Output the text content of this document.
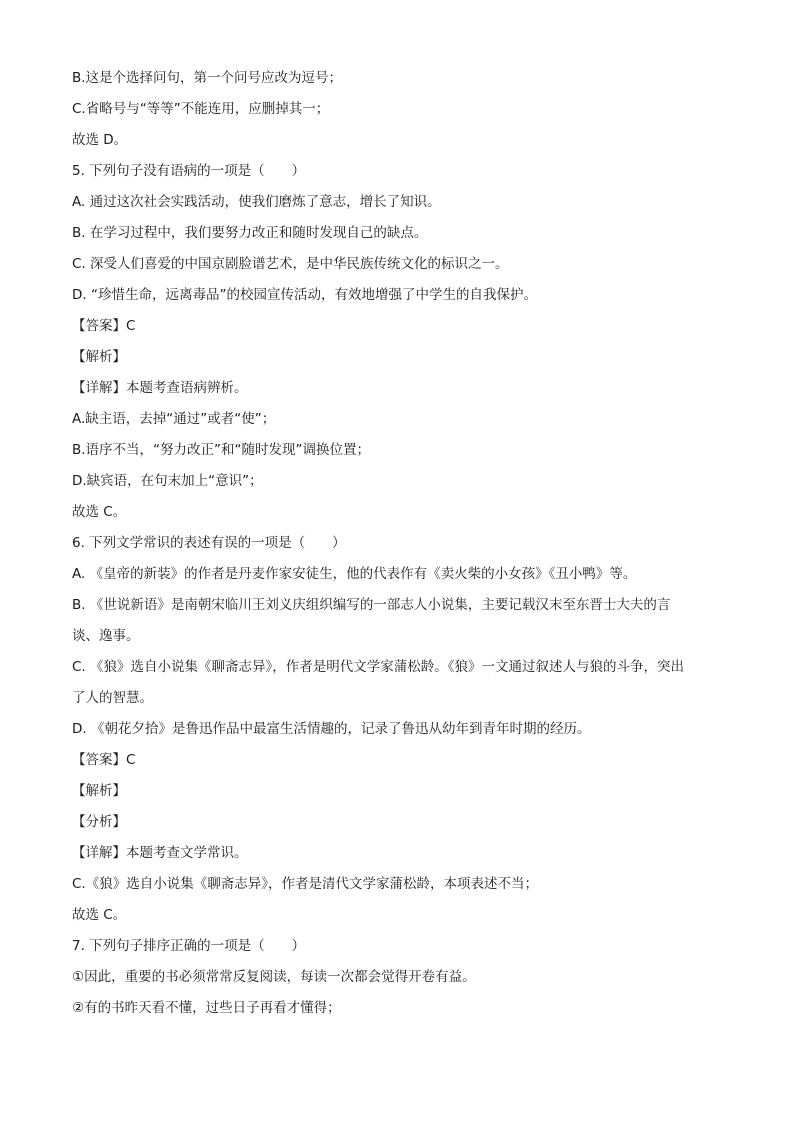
B.这是个选择问句，第一个问号应改为逗号；
C.省略号与“等等”不能连用，应删掉其一；
故选 D。
5. 下列句子没有语病的一项是（　　）
A. 通过这次社会实践活动，使我们磨炼了意志，增长了知识。
B. 在学习过程中，我们要努力改正和随时发现自己的缺点。
C. 深受人们喜爱的中国京剧脸谱艺术，是中华民族传统文化的标识之一。
D. “珍惜生命，远离毒品”的校园宣传活动，有效地增强了中学生的自我保护。
【答案】C
【解析】
【详解】本题考查语病辨析。
A.缺主语，去掉“通过”或者“使”；
B.语序不当，“努力改正”和“随时发现”调换位置；
D.缺宾语，在句末加上“意识”；
故选 C。
6. 下列文学常识的表述有误的一项是（　　）
A. 《皇帝的新装》的作者是丹麦作家安徒生，他的代表作有《卖火柴的小女孩》《丑小鸭》等。
B. 《世说新语》是南朝宋临川王刘义庆组织编写的一部志人小说集，主要记载汉末至东晋士大夫的言
谈、逸事。
C. 《狼》选自小说集《聊斋志异》，作者是明代文学家蒲松龄。《狼》一文通过叙述人与狼的斗争，突出
了人的智慧。
D. 《朝花夕拾》是鲁迅作品中最富生活情趣的，记录了鲁迅从幼年到青年时期的经历。
【答案】C
【解析】
【分析】
【详解】本题考查文学常识。
C.《狼》选自小说集《聊斋志异》，作者是清代文学家蒲松龄，本项表述不当；
故选 C。
7. 下列句子排序正确的一项是（　　）
①因此，重要的书必须常常反复阅读，每读一次都会觉得开卷有益。
②有的书昨天看不懂，过些日子再看才懂得；
